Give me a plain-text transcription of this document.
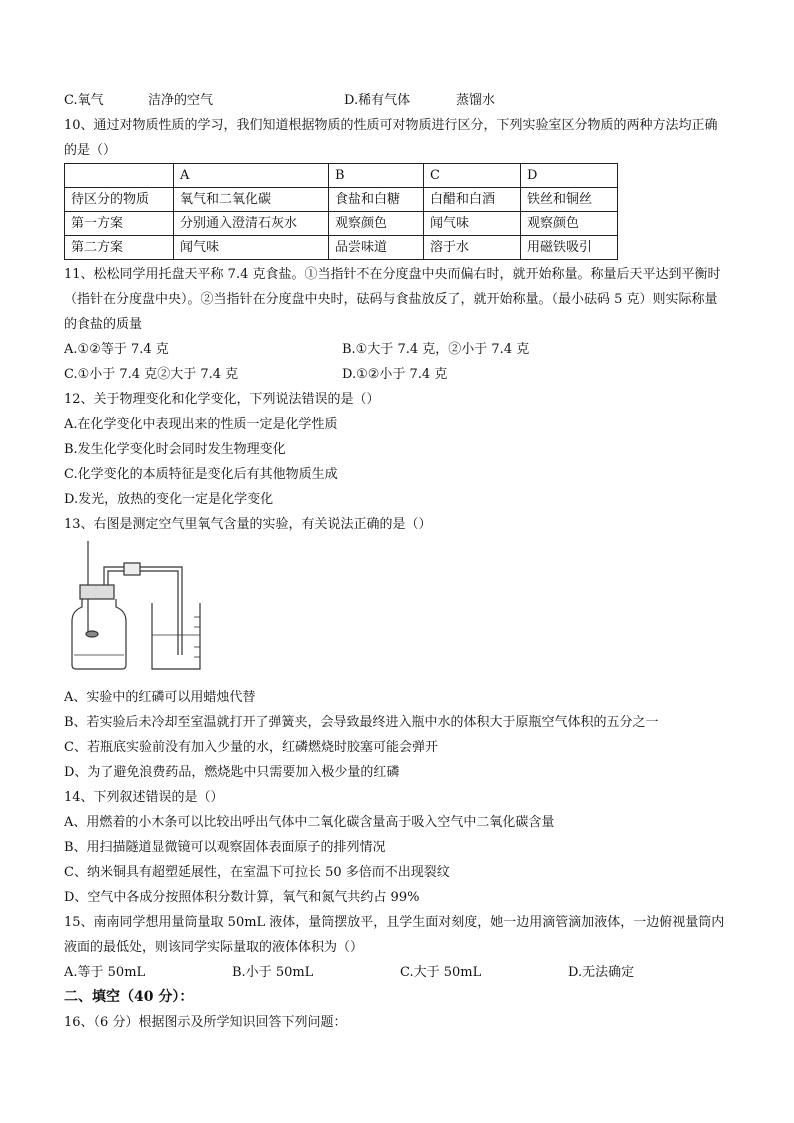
C.氧气	洁净的空气	D.稀有气体	蒸馏水
10、通过对物质性质的学习，我们知道根据物质的性质可对物质进行区分，下列实验室区分物质的两种方法均正确的是（）
	A	B	C	D
待区分的物质	氧气和二氧化碳	食盐和白糖	白醋和白酒	铁丝和铜丝
第一方案	分别通入澄清石灰水	观察颜色	闻气味	观察颜色
第二方案	闻气味	品尝味道	溶于水	用磁铁吸引
11、松松同学用托盘天平称 7.4 克食盐。①当指针不在分度盘中央而偏右时，就开始称量。称量后天平达到平衡时（指针在分度盘中央）。②当指针在分度盘中央时，砝码与食盐放反了，就开始称量。（最小砝码 5 克）则实际称量的食盐的质量
A.①②等于 7.4 克	B.①大于 7.4 克，②小于 7.4 克
C.①小于 7.4 克②大于 7.4 克	D.①②小于 7.4 克
12、关于物理变化和化学变化，下列说法错误的是（）
A.在化学变化中表现出来的性质一定是化学性质
B.发生化学变化时会同时发生物理变化
C.化学变化的本质特征是变化后有其他物质生成
D.发光，放热的变化一定是化学变化
13、右图是测定空气里氧气含量的实验，有关说法正确的是（）
A、实验中的红磷可以用蜡烛代替
B、若实验后未冷却至室温就打开了弹簧夹，会导致最终进入瓶中水的体积大于原瓶空气体积的五分之一
C、若瓶底实验前没有加入少量的水，红磷燃烧时胶塞可能会弹开
D、为了避免浪费药品，燃烧匙中只需要加入极少量的红磷
14、下列叙述错误的是（）
A、用燃着的小木条可以比较出呼出气体中二氧化碳含量高于吸入空气中二氧化碳含量
B、用扫描隧道显微镜可以观察固体表面原子的排列情况
C、纳米铜具有超塑延展性，在室温下可拉长 50 多倍而不出现裂纹
D、空气中各成分按照体积分数计算，氧气和氮气共约占 99%
15、南南同学想用量筒量取 50mL 液体，量筒摆放平，且学生面对刻度，她一边用滴管滴加液体，一边俯视量筒内液面的最低处，则该同学实际量取的液体体积为（）
A.等于 50mL	B.小于 50mL	C.大于 50mL	D.无法确定
二、填空（40 分）：
16、（6 分）根据图示及所学知识回答下列问题：
